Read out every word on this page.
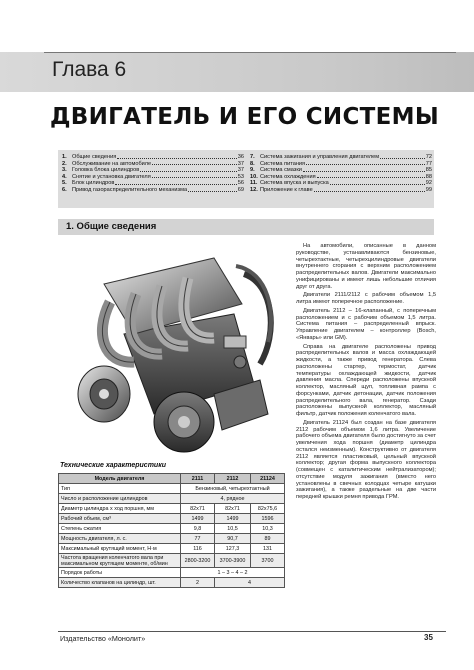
Глава 6
ДВИГАТЕЛЬ И ЕГО СИСТЕМЫ
1. Общие сведения	36
2. Обслуживание на автомобиле	37
3. Головка блока цилиндров	37
4. Снятие и установка двигателя	53
5. Блок цилиндров	56
6. Привод газораспределительного механизма	69
7. Система зажигания и управления двигателем	72
8. Система питания	77
9. Система смазки	85
10. Система охлаждения	88
11. Система впуска и выпуска	92
12. Приложение к главе	99
1. Общие сведения

На автомобили, описанные в данном руководстве, устанавливаются бензиновые, четырехтактные, четырехцилиндровые двигатели внутреннего сгорания с верхним расположением распределительных валов. Двигатели максимально унифицированы и имеют лишь небольшие отличия друг от друга.

Двигатели 2111/2112 с рабочим объемом 1,5 литра имеют поперечное расположение.

Двигатель 2112 – 16-клапанный, с поперечным расположением и с рабочим объемом 1,5 литра. Система питания – распределенный впрыск. Управление двигателем – контроллер (Bosch, «Январь» или GM).

Справа на двигателе расположены привод распределительных валов и масса охлаждающей жидкости, а также привод генератора. Слева расположены стартер, термостат, датчик температуры охлаждающей жидкости, датчик давления масла. Спереди расположены впускной коллектор, масляный щуп, топливная рампа с форсунками, датчик детонации, датчик положения распределительного вала, генератор. Сзади расположены выпускной коллектор, масляный фильтр, датчик положения коленчатого вала.

Двигатель 21124 был создан на базе двигателя 2112 рабочим объемом 1,6 литра. Увеличение рабочего объема двигателя было достигнуто за счет увеличения хода поршня (диаметр цилиндра остался неизменным). Конструктивно от двигателя 2112 является пластиковый, цельный впускной коллектор; другая форма выпускного коллектора (совмещен с каталитическим нейтрализатором); отсутствие модуля зажигания (вместо него установлены в свечных колодцах четыре катушки зажигания), а также раздельные на две части передней крышки ремня привода ГРМ.

Технические характеристики
Модель двигателя	2111	2112	21124
Тип	Бензиновый, четырехтактный		
Число и расположение цилиндров	4, рядное		
Диаметр цилиндра х ход поршня, мм	82x71	82x71	82x75,6
Рабочий объем, см³	1499	1499	1596
Степень сжатия	9,8	10,5	10,3
Мощность двигателя, л. с.	77	90,7	89
Максимальный крутящий момент, Н·м	116	127,3	131
Частота вращения коленчатого вала при максимальном крутящем моменте, об/мин	2800-3200	3700-3900	3700
Порядок работы	1 – 3 – 4 – 2		
Количество клапанов на цилиндр, шт.	2	4	
Издательство «Монолит»	35
